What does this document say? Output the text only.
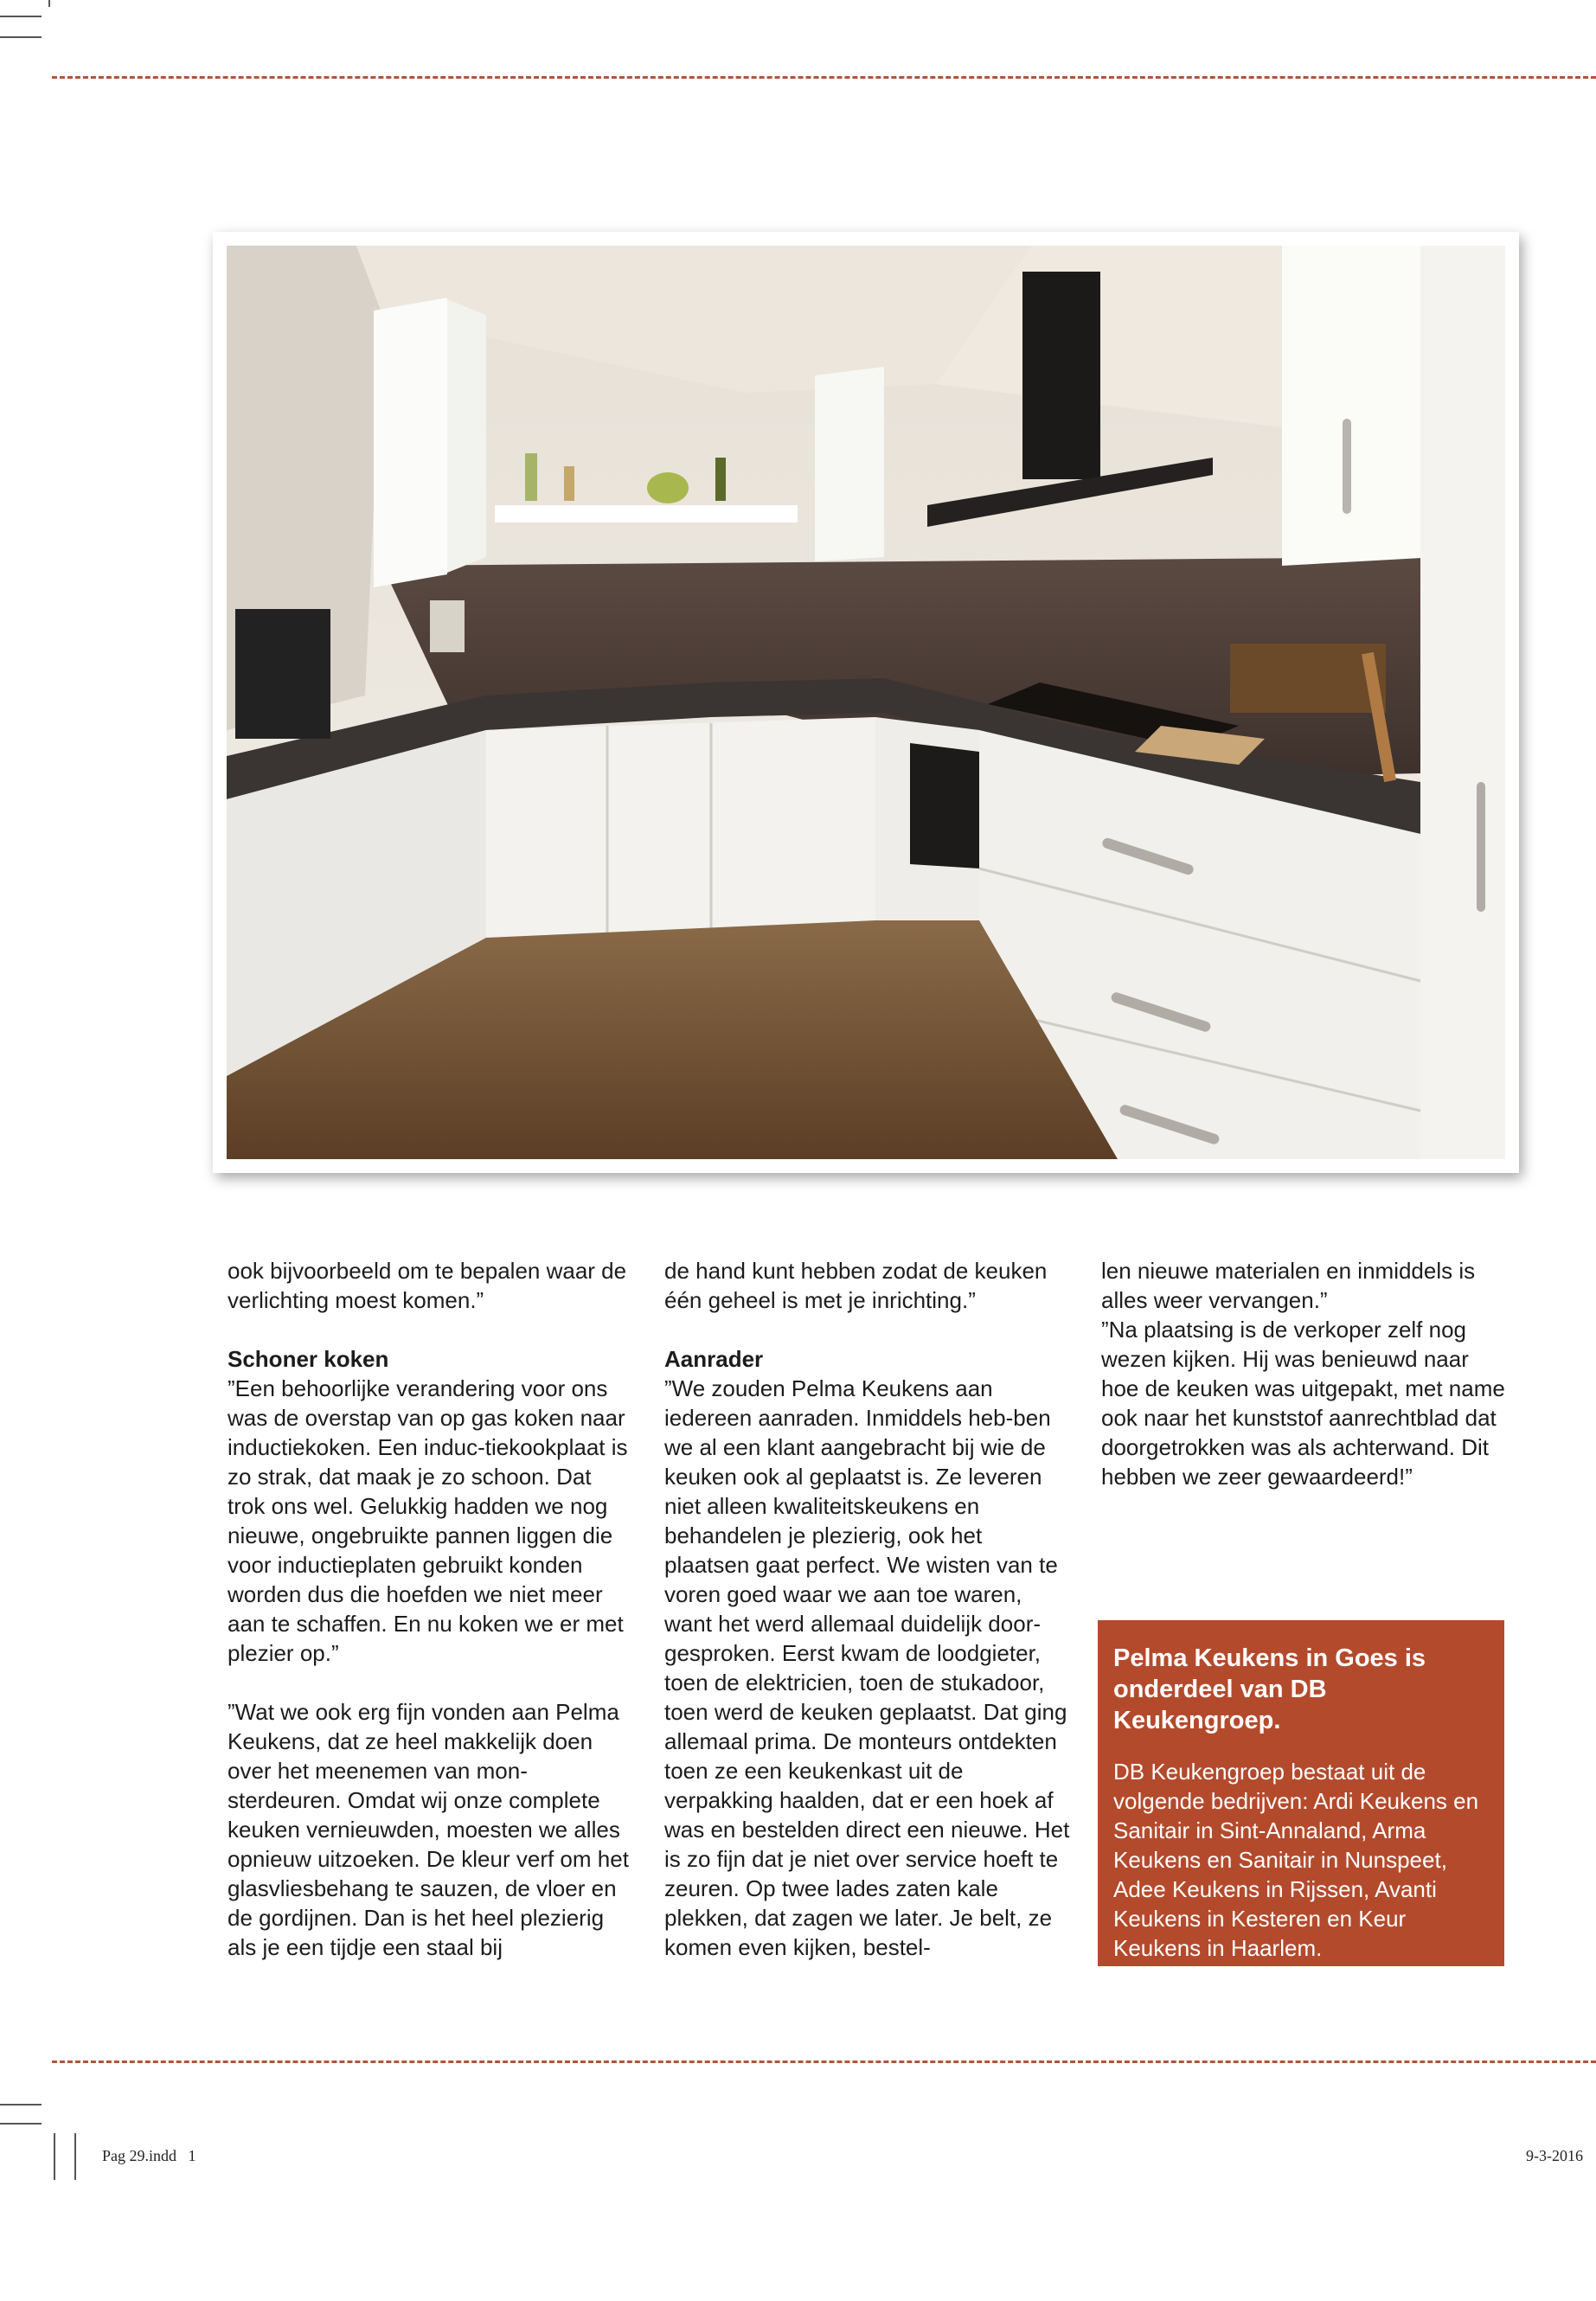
ook bijvoorbeeld om te bepalen waar de verlichting moest komen.”

Schoner koken

”Een behoorlijke verandering voor ons was de overstap van op gas koken naar inductiekoken. Een induc-tiekookplaat is zo strak, dat maak je zo schoon. Dat trok ons wel. Gelukkig hadden we nog nieuwe, ongebruikte pannen liggen die voor inductieplaten gebruikt konden worden dus die hoefden we niet meer aan te schaffen. En nu koken we er met plezier op.”

”Wat we ook erg fijn vonden aan Pelma Keukens, dat ze heel makkelijk doen over het meenemen van mon-sterdeuren. Omdat wij onze complete keuken vernieuwden, moesten we alles opnieuw uitzoeken. De kleur verf om het glasvliesbehang te sauzen, de vloer en de gordijnen. Dan is het heel plezierig als je een tijdje een staal bij

de hand kunt hebben zodat de keuken één geheel is met je inrichting.”

Aanrader

”We zouden Pelma Keukens aan iedereen aanraden. Inmiddels heb-ben we al een klant aangebracht bij wie de keuken ook al geplaatst is. Ze leveren niet alleen kwaliteitskeukens en behandelen je plezierig, ook het plaatsen gaat perfect. We wisten van te voren goed waar we aan toe waren, want het werd allemaal duidelijk door-gesproken. Eerst kwam de loodgieter, toen de elektricien, toen de stukadoor, toen werd de keuken geplaatst. Dat ging allemaal prima. De monteurs ontdekten toen ze een keukenkast uit de verpakking haalden, dat er een hoek af was en bestelden direct een nieuwe. Het is zo fijn dat je niet over service hoeft te zeuren. Op twee lades zaten kale plekken, dat zagen we later. Je belt, ze komen even kijken, bestel-

len nieuwe materialen en inmiddels is alles weer vervangen.”

”Na plaatsing is de verkoper zelf nog wezen kijken. Hij was benieuwd naar hoe de keuken was uitgepakt, met name ook naar het kunststof aanrechtblad dat doorgetrokken was als achterwand. Dit hebben we zeer gewaardeerd!”

Pelma Keukens in Goes is onderdeel van DB Keukengroep.

DB Keukengroep bestaat uit de volgende bedrijven: Ardi Keukens en Sanitair in Sint-Annaland, Arma Keukens en Sanitair in Nunspeet, Adee Keukens in Rijssen, Avanti Keukens in Kesteren en Keur Keukens in Haarlem.

Pag 29.indd   1	9-3-2016
